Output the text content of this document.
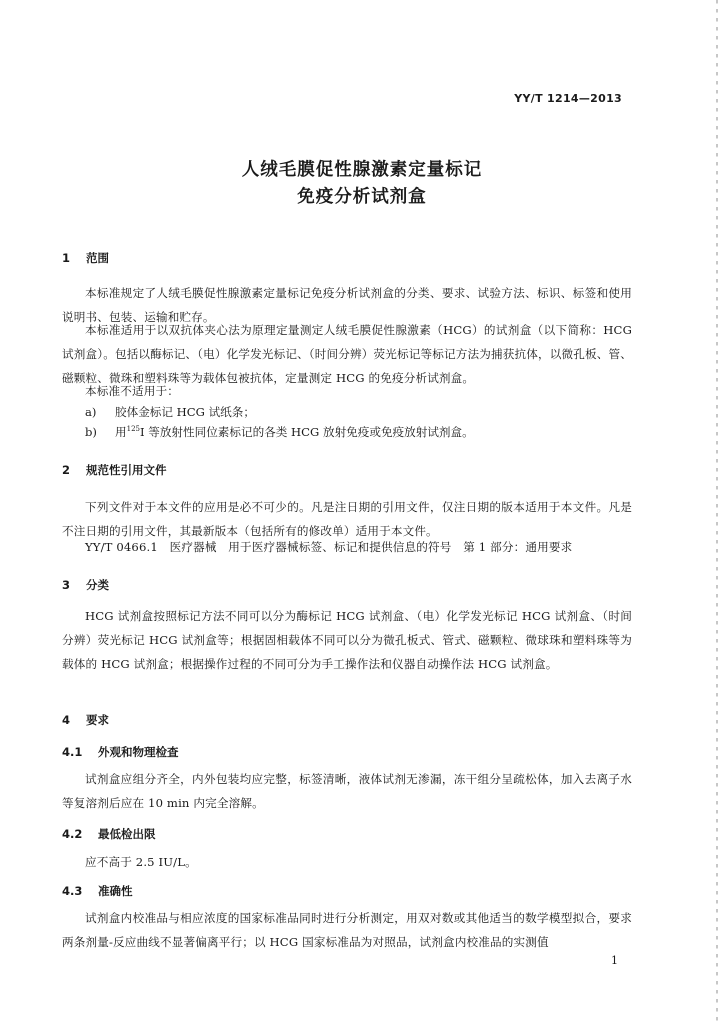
YY/T 1214—2013
人绒毛膜促性腺激素定量标记
免疫分析试剂盒
1 范围
本标准规定了人绒毛膜促性腺激素定量标记免疫分析试剂盒的分类、要求、试验方法、标识、标签和使用说明书、包装、运输和贮存。
本标准适用于以双抗体夹心法为原理定量测定人绒毛膜促性腺激素（HCG）的试剂盒（以下简称：HCG 试剂盒）。包括以酶标记、（电）化学发光标记、（时间分辨）荧光标记等标记方法为捕获抗体，以微孔板、管、磁颗粒、微珠和塑料珠等为载体包被抗体，定量测定 HCG 的免疫分析试剂盒。
本标准不适用于：
a) 胶体金标记 HCG 试纸条；
b) 用$^{125}$I 等放射性同位素标记的各类 HCG 放射免疫或免疫放射试剂盒。
2 规范性引用文件
下列文件对于本文件的应用是必不可少的。凡是注日期的引用文件，仅注日期的版本适用于本文件。凡是不注日期的引用文件，其最新版本（包括所有的修改单）适用于本文件。
YY/T 0466.1　医疗器械　用于医疗器械标签、标记和提供信息的符号　第 1 部分：通用要求
3 分类
HCG 试剂盒按照标记方法不同可以分为酶标记 HCG 试剂盒、（电）化学发光标记 HCG 试剂盒、（时间分辨）荧光标记 HCG 试剂盒等；根据固相载体不同可以分为微孔板式、管式、磁颗粒、微球珠和塑料珠等为载体的 HCG 试剂盒；根据操作过程的不同可分为手工操作法和仪器自动操作法 HCG 试剂盒。
4 要求
4.1 外观和物理检查
试剂盒应组分齐全，内外包装均应完整，标签清晰，液体试剂无渗漏，冻干组分呈疏松体，加入去离子水等复溶剂后应在 10 min 内完全溶解。
4.2 最低检出限
应不高于 2.5 IU/L。
4.3 准确性
试剂盒内校准品与相应浓度的国家标准品同时进行分析测定，用双对数或其他适当的数学模型拟合，要求两条剂量-反应曲线不显著偏离平行；以 HCG 国家标准品为对照品，试剂盒内校准品的实测值
1
